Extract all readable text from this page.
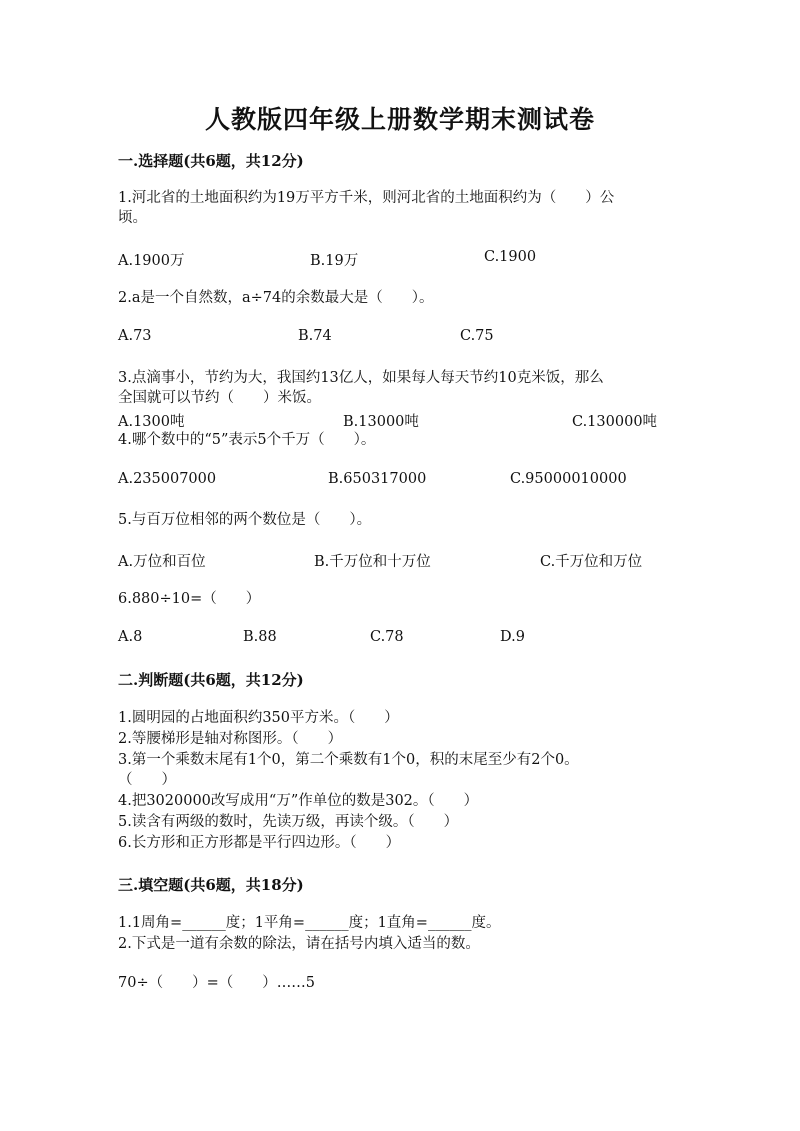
人教版四年级上册数学期末测试卷
一.选择题(共6题，共12分)
1.河北省的土地面积约为19万平方千米，则河北省的土地面积约为（　　）公
顷。
A.1900万	B.19万	C.1900
2.a是一个自然数，a÷74的余数最大是（　　）。
A.73	B.74	C.75
3.点滴事小，节约为大，我国约13亿人，如果每人每天节约10克米饭，那么
全国就可以节约（　　）米饭。
A.1300吨	B.13000吨	C.130000吨
4.哪个数中的“5”表示5个千万（　　）。
A.235007000	B.650317000	C.95000010000
5.与百万位相邻的两个数位是（　　）。
A.万位和百位	B.千万位和十万位	C.千万位和万位
6.880÷10=（　　）
A.8	B.88	C.78	D.9
二.判断题(共6题，共12分)
1.圆明园的占地面积约350平方米。（　　）
2.等腰梯形是轴对称图形。（　　）
3.第一个乘数末尾有1个0，第二个乘数有1个0，积的末尾至少有2个0。
（　　）
4.把3020000改写成用“万”作单位的数是302。（　　）
5.读含有两级的数时，先读万级，再读个级。（　　）
6.长方形和正方形都是平行四边形。（　　）
三.填空题(共6题，共18分)
1.1周角=______度；1平角=______度；1直角=______度。
2.下式是一道有余数的除法，请在括号内填入适当的数。
70÷（　　）=（　　）……5
